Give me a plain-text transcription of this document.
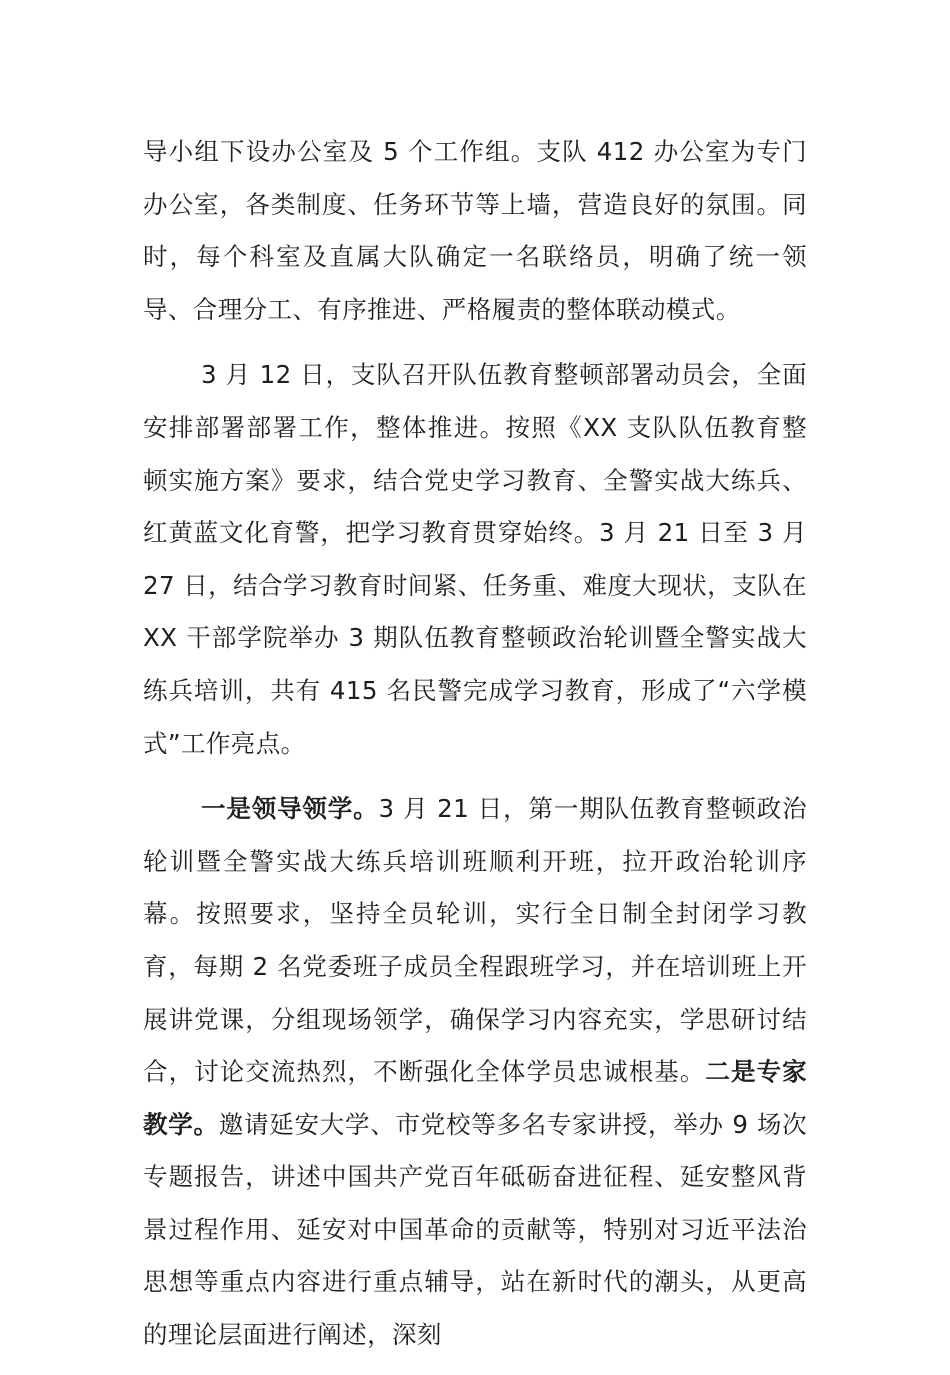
导小组下设办公室及 5 个工作组。支队 412 办公室为专门办公室，各类制度、任务环节等上墙，营造良好的氛围。同时，每个科室及直属大队确定一名联络员，明确了统一领导、合理分工、有序推进、严格履责的整体联动模式。

3 月 12 日，支队召开队伍教育整顿部署动员会，全面安排部署部署工作，整体推进。按照《XX 支队队伍教育整顿实施方案》要求，结合党史学习教育、全警实战大练兵、红黄蓝文化育警，把学习教育贯穿始终。3 月 21 日至 3 月 27 日，结合学习教育时间紧、任务重、难度大现状，支队在 XX 干部学院举办 3 期队伍教育整顿政治轮训暨全警实战大练兵培训，共有 415 名民警完成学习教育，形成了“六学模式”工作亮点。

一是领导领学。3 月 21 日，第一期队伍教育整顿政治轮训暨全警实战大练兵培训班顺利开班，拉开政治轮训序幕。按照要求，坚持全员轮训，实行全日制全封闭学习教育，每期 2 名党委班子成员全程跟班学习，并在培训班上开展讲党课，分组现场领学，确保学习内容充实，学思研讨结合，讨论交流热烈，不断强化全体学员忠诚根基。二是专家教学。邀请延安大学、市党校等多名专家讲授，举办 9 场次专题报告，讲述中国共产党百年砥砺奋进征程、延安整风背景过程作用、延安对中国革命的贡献等，特别对习近平法治思想等重点内容进行重点辅导，站在新时代的潮头，从更高的理论层面进行阐述，深刻
